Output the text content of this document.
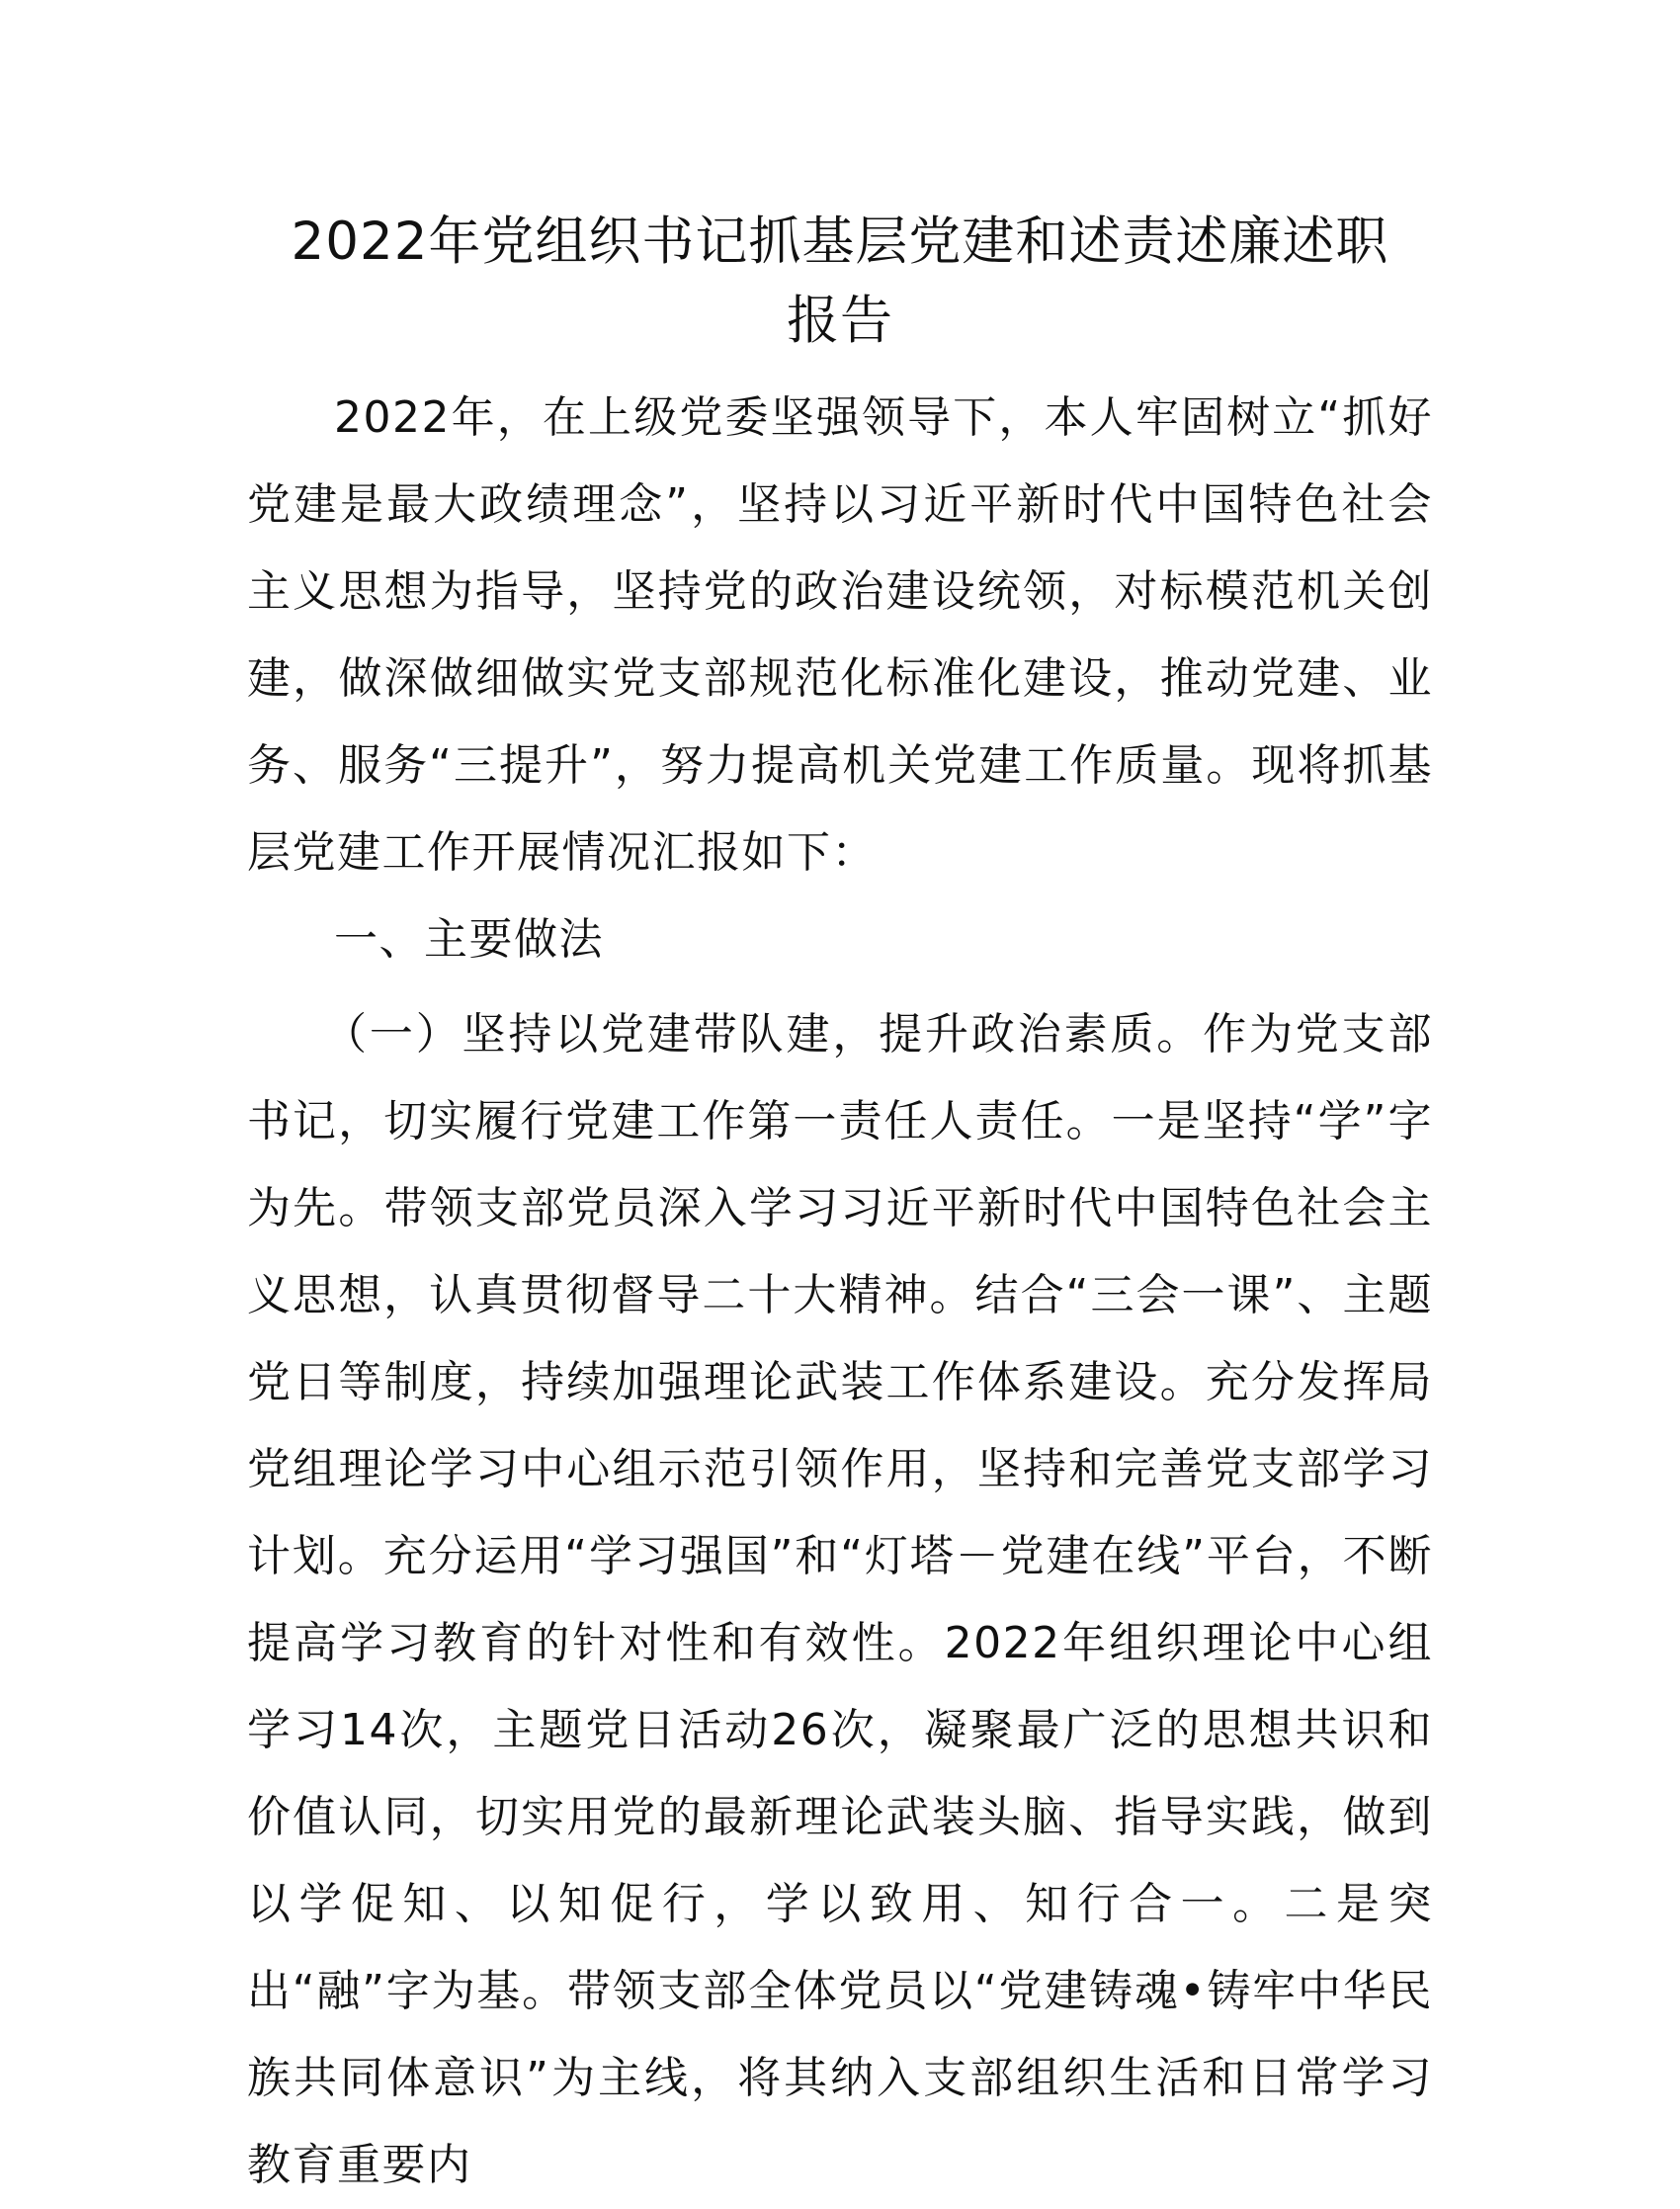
2022年党组织书记抓基层党建和述责述廉述职
报告

2022年，在上级党委坚强领导下，本人牢固树立“抓好党建是最大政绩理念”，坚持以习近平新时代中国特色社会主义思想为指导，坚持党的政治建设统领，对标模范机关创建，做深做细做实党支部规范化标准化建设，推动党建、业务、服务“三提升”，努力提高机关党建工作质量。现将抓基层党建工作开展情况汇报如下：

一、主要做法

（一）坚持以党建带队建，提升政治素质。作为党支部书记，切实履行党建工作第一责任人责任。一是坚持“学”字为先。带领支部党员深入学习习近平新时代中国特色社会主义思想，认真贯彻督导二十大精神。结合“三会一课”、主题党日等制度，持续加强理论武装工作体系建设。充分发挥局党组理论学习中心组示范引领作用，坚持和完善党支部学习计划。充分运用“学习强国”和“灯塔－党建在线”平台，不断提高学习教育的针对性和有效性。2022年组织理论中心组学习14次，主题党日活动26次，凝聚最广泛的思想共识和价值认同，切实用党的最新理论武装头脑、指导实践，做到以学促知、以知促行，学以致用、知行合一。二是突出“融”字为基。带领支部全体党员以“党建铸魂•铸牢中华民族共同体意识”为主线，将其纳入支部组织生活和日常学习教育重要内
